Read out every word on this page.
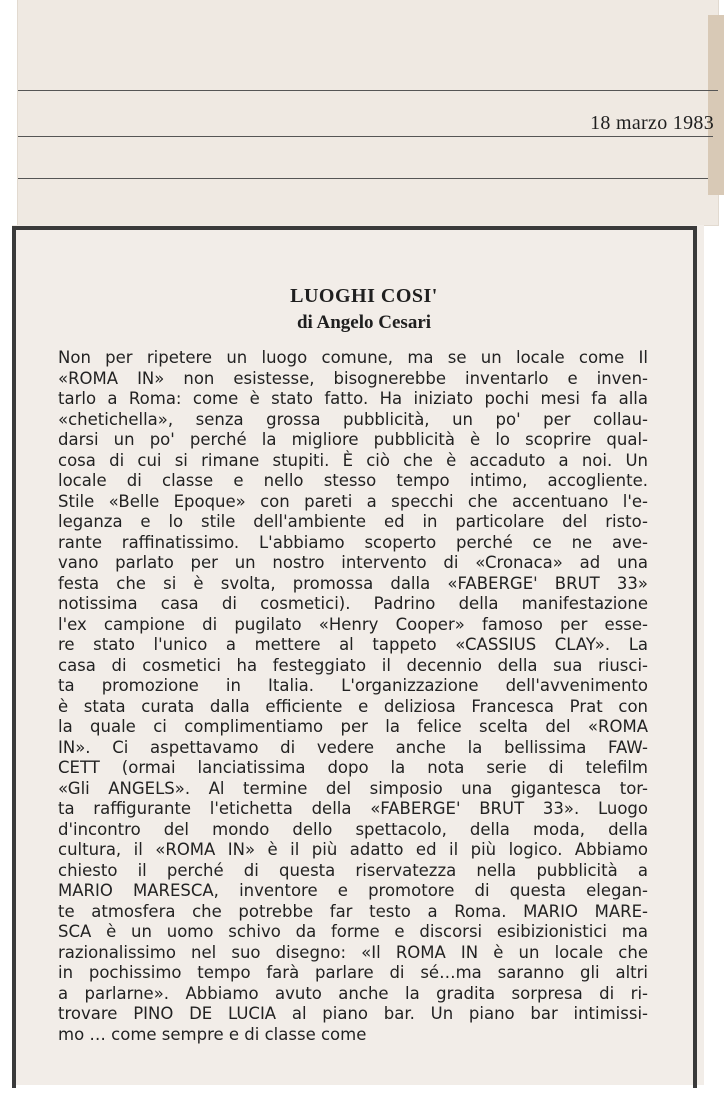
18 marzo 1983
LUOGHI COSI'
di Angelo Cesari
Non per ripetere un luogo comune, ma se un locale come Il
«ROMA IN» non esistesse, bisognerebbe inventarlo e inven-
tarlo a Roma: come è stato fatto. Ha iniziato pochi mesi fa alla
«chetichella», senza grossa pubblicità, un po' per collau-
darsi un po' perché la migliore pubblicità è lo scoprire qual-
cosa di cui si rimane stupiti. È ciò che è accaduto a noi. Un
locale di classe e nello stesso tempo intimo, accogliente.
Stile «Belle Epoque» con pareti a specchi che accentuano l'e-
leganza e lo stile dell'ambiente ed in particolare del risto-
rante raffinatissimo. L'abbiamo scoperto perché ce ne ave-
vano parlato per un nostro intervento di «Cronaca» ad una
festa che si è svolta, promossa dalla «FABERGE' BRUT 33»
notissima casa di cosmetici). Padrino della manifestazione
l'ex campione di pugilato «Henry Cooper» famoso per esse-
re stato l'unico a mettere al tappeto «CASSIUS CLAY». La
casa di cosmetici ha festeggiato il decennio della sua riusci-
ta promozione in Italia. L'organizzazione dell'avvenimento
è stata curata dalla efficiente e deliziosa Francesca Prat con
la quale ci complimentiamo per la felice scelta del «ROMA
IN». Ci aspettavamo di vedere anche la bellissima FAW-
CETT (ormai lanciatissima dopo la nota serie di telefilm
«Gli ANGELS». Al termine del simposio una gigantesca tor-
ta raffigurante l'etichetta della «FABERGE' BRUT 33». Luogo
d'incontro del mondo dello spettacolo, della moda, della
cultura, il «ROMA IN» è il più adatto ed il più logico. Abbiamo
chiesto il perché di questa riservatezza nella pubblicità a
MARIO MARESCA, inventore e promotore di questa elegan-
te atmosfera che potrebbe far testo a Roma. MARIO MARE-
SCA è un uomo schivo da forme e discorsi esibizionistici ma
razionalissimo nel suo disegno: «Il ROMA IN è un locale che
in pochissimo tempo farà parlare di sé…ma saranno gli altri
a parlarne». Abbiamo avuto anche la gradita sorpresa di ri-
trovare PINO DE LUCIA al piano bar. Un piano bar intimissi-
mo … come sempre e di classe come
